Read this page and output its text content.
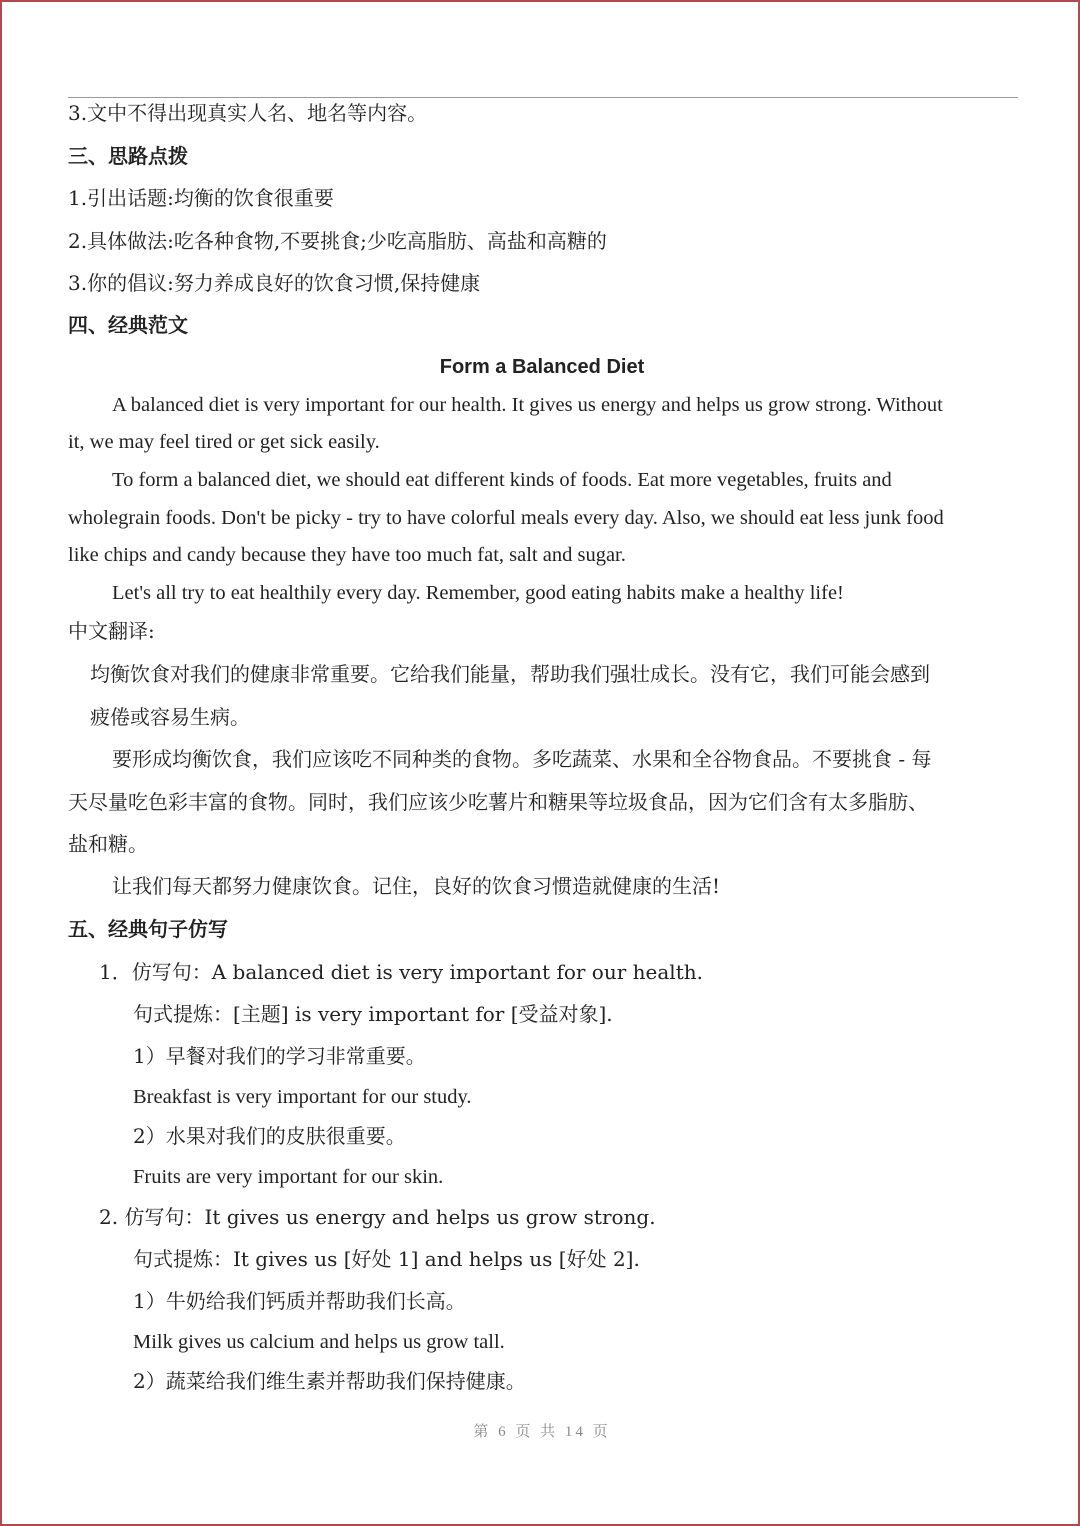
3.文中不得出现真实人名、地名等内容。
三、思路点拨
1.引出话题:均衡的饮食很重要
2.具体做法:吃各种食物,不要挑食;少吃高脂肪、高盐和高糖的
3.你的倡议:努力养成良好的饮食习惯,保持健康
四、经典范文
Form a Balanced Diet
A balanced diet is very important for our health. It gives us energy and helps us grow strong. Without
it, we may feel tired or get sick easily.
To form a balanced diet, we should eat different kinds of foods. Eat more vegetables, fruits and
wholegrain foods. Don't be picky - try to have colorful meals every day. Also, we should eat less junk food
like chips and candy because they have too much fat, salt and sugar.
Let's all try to eat healthily every day. Remember, good eating habits make a healthy life!
中文翻译:
均衡饮食对我们的健康非常重要。它给我们能量，帮助我们强壮成长。没有它，我们可能会感到
疲倦或容易生病。
要形成均衡饮食，我们应该吃不同种类的食物。多吃蔬菜、水果和全谷物食品。不要挑食 - 每
天尽量吃色彩丰富的食物。同时，我们应该少吃薯片和糖果等垃圾食品，因为它们含有太多脂肪、
盐和糖。
让我们每天都努力健康饮食。记住，良好的饮食习惯造就健康的生活!
五、经典句子仿写
1．仿写句：A balanced diet is very important for our health.
句式提炼：[主题] is very important for [受益对象].
1）早餐对我们的学习非常重要。
Breakfast is very important for our study.
2）水果对我们的皮肤很重要。
Fruits are very important for our skin.
2. 仿写句：It gives us energy and helps us grow strong.
句式提炼：It gives us [好处 1] and helps us [好处 2].
1）牛奶给我们钙质并帮助我们长高。
Milk gives us calcium and helps us grow tall.
2）蔬菜给我们维生素并帮助我们保持健康。
第 6 页 共 14 页
